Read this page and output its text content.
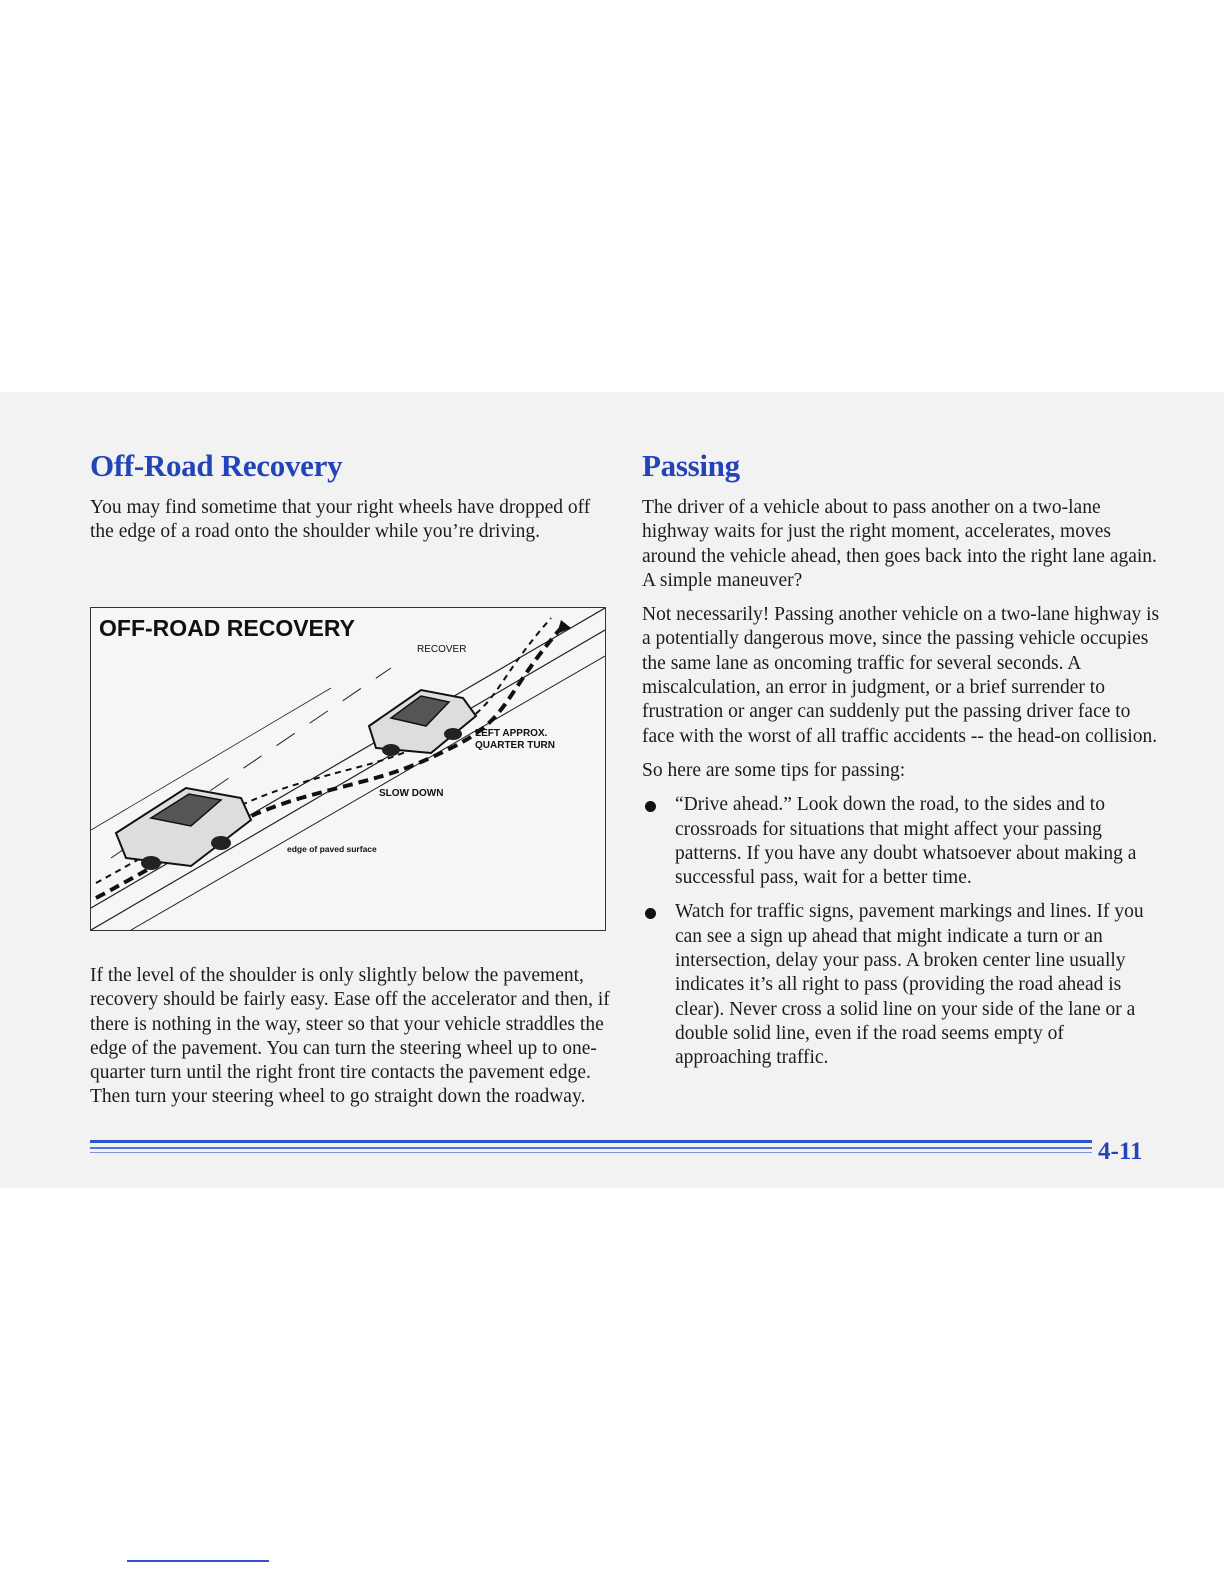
Off-Road Recovery

You may find sometime that your right wheels have dropped off the edge of a road onto the shoulder while you’re driving.

OFF-ROAD RECOVERY
RECOVER
LEFT APPROX.
QUARTER TURN
SLOW DOWN
edge of paved surface

If the level of the shoulder is only slightly below the pavement, recovery should be fairly easy. Ease off the accelerator and then, if there is nothing in the way, steer so that your vehicle straddles the edge of the pavement. You can turn the steering wheel up to one-quarter turn until the right front tire contacts the pavement edge. Then turn your steering wheel to go straight down the roadway.

Passing

The driver of a vehicle about to pass another on a two-lane highway waits for just the right moment, accelerates, moves around the vehicle ahead, then goes back into the right lane again. A simple maneuver?

Not necessarily! Passing another vehicle on a two-lane highway is a potentially dangerous move, since the passing vehicle occupies the same lane as oncoming traffic for several seconds. A miscalculation, an error in judgment, or a brief surrender to frustration or anger can suddenly put the passing driver face to face with the worst of all traffic accidents -- the head-on collision.

So here are some tips for passing:

“Drive ahead.” Look down the road, to the sides and to crossroads for situations that might affect your passing patterns. If you have any doubt whatsoever about making a successful pass, wait for a better time.
Watch for traffic signs, pavement markings and lines. If you can see a sign up ahead that might indicate a turn or an intersection, delay your pass. A broken center line usually indicates it’s all right to pass (providing the road ahead is clear). Never cross a solid line on your side of the lane or a double solid line, even if the road seems empty of approaching traffic.
4-11
